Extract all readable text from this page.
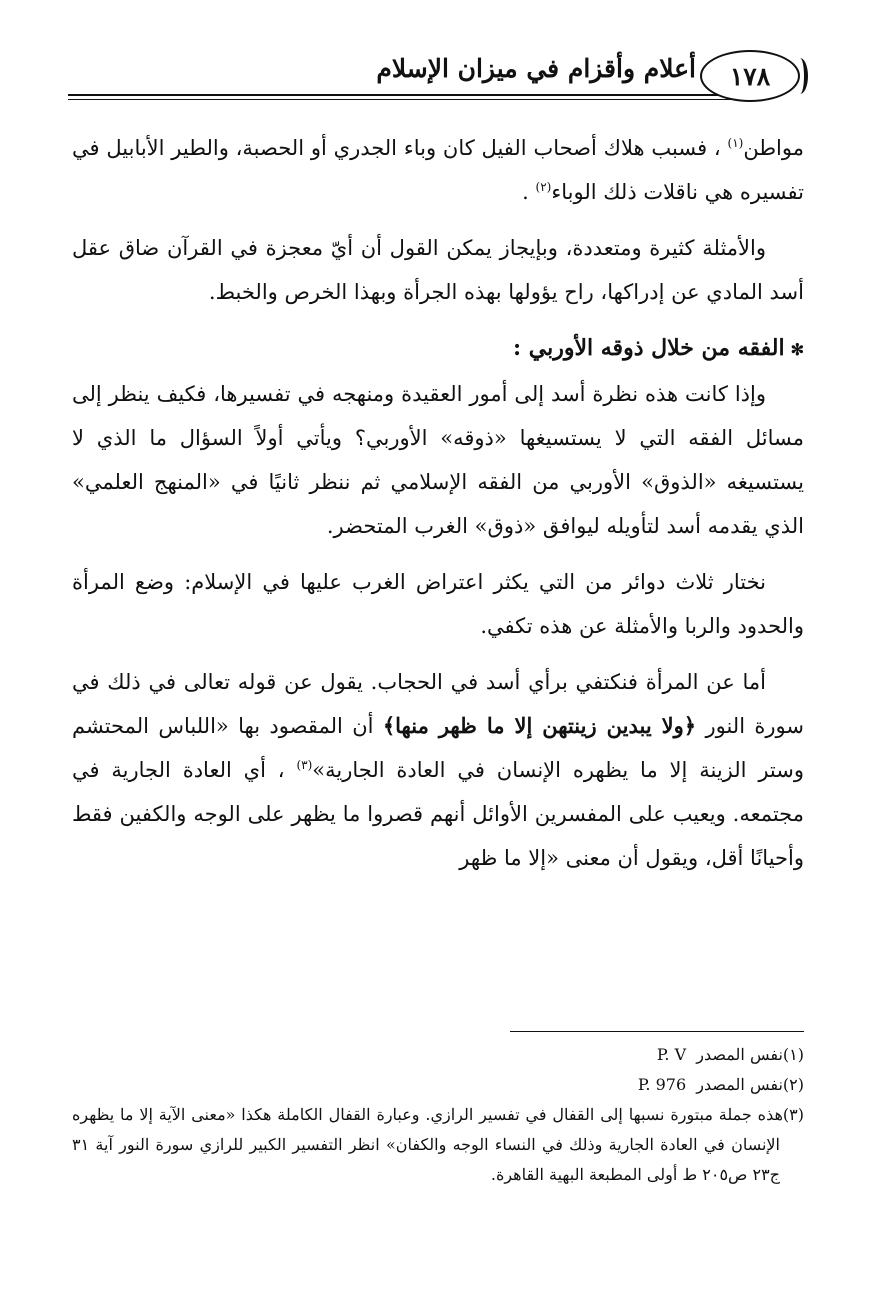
أعلام وأقزام في ميزان الإسلام	١٧٨

مواطن$^{(١)}$ ، فسبب هلاك أصحاب الفيل كان وباء الجدري أو الحصبة، والطير الأبابيل في تفسيره هي ناقلات ذلك الوباء$^{(٢)}$ .

والأمثلة كثيرة ومتعددة، وبإيجاز يمكن القول أن أيّ معجزة في القرآن ضاق عقل أسد المادي عن إدراكها، راح يؤولها بهذه الجرأة وبهذا الخرص والخبط.

✻الفقه من خلال ذوقه الأوربي :

وإذا كانت هذه نظرة أسد إلى أمور العقيدة ومنهجه في تفسيرها، فكيف ينظر إلى مسائل الفقه التي لا يستسيغها «ذوقه» الأوربي؟ ويأتي أولاً السؤال ما الذي لا يستسيغه «الذوق» الأوربي من الفقه الإسلامي ثم ننظر ثانيًا في «المنهج العلمي» الذي يقدمه أسد لتأويله ليوافق «ذوق» الغرب المتحضر.

نختار ثلاث دوائر من التي يكثر اعتراض الغرب عليها في الإسلام: وضع المرأة والحدود والربا والأمثلة عن هذه تكفي.

أما عن المرأة فنكتفي برأي أسد في الحجاب. يقول عن قوله تعالى في ذلك في سورة النور ﴿ولا يبدين زينتهن إلا ما ظهر منها﴾ أن المقصود بها «اللباس المحتشم وستر الزينة إلا ما يظهره الإنسان في العادة الجارية»$^{(٣)}$ ، أي العادة الجارية في مجتمعه. ويعيب على المفسرين الأوائل أنهم قصروا ما يظهر على الوجه والكفين فقط وأحيانًا أقل، ويقول أن معنى «إلا ما ظهر

(١)نفس المصدر  P. V

(٢)نفس المصدر  P. 976

(٣)هذه جملة مبتورة نسبها إلى القفال في تفسير الرازي. وعبارة القفال الكاملة هكذا «معنى الآية إلا ما يظهره الإنسان في العادة الجارية وذلك في النساء الوجه والكفان» انظر التفسير الكبير للرازي سورة النور آية ٣١ ج٢٣ ص٢٠٥ ط أولى المطبعة البهية القاهرة.
